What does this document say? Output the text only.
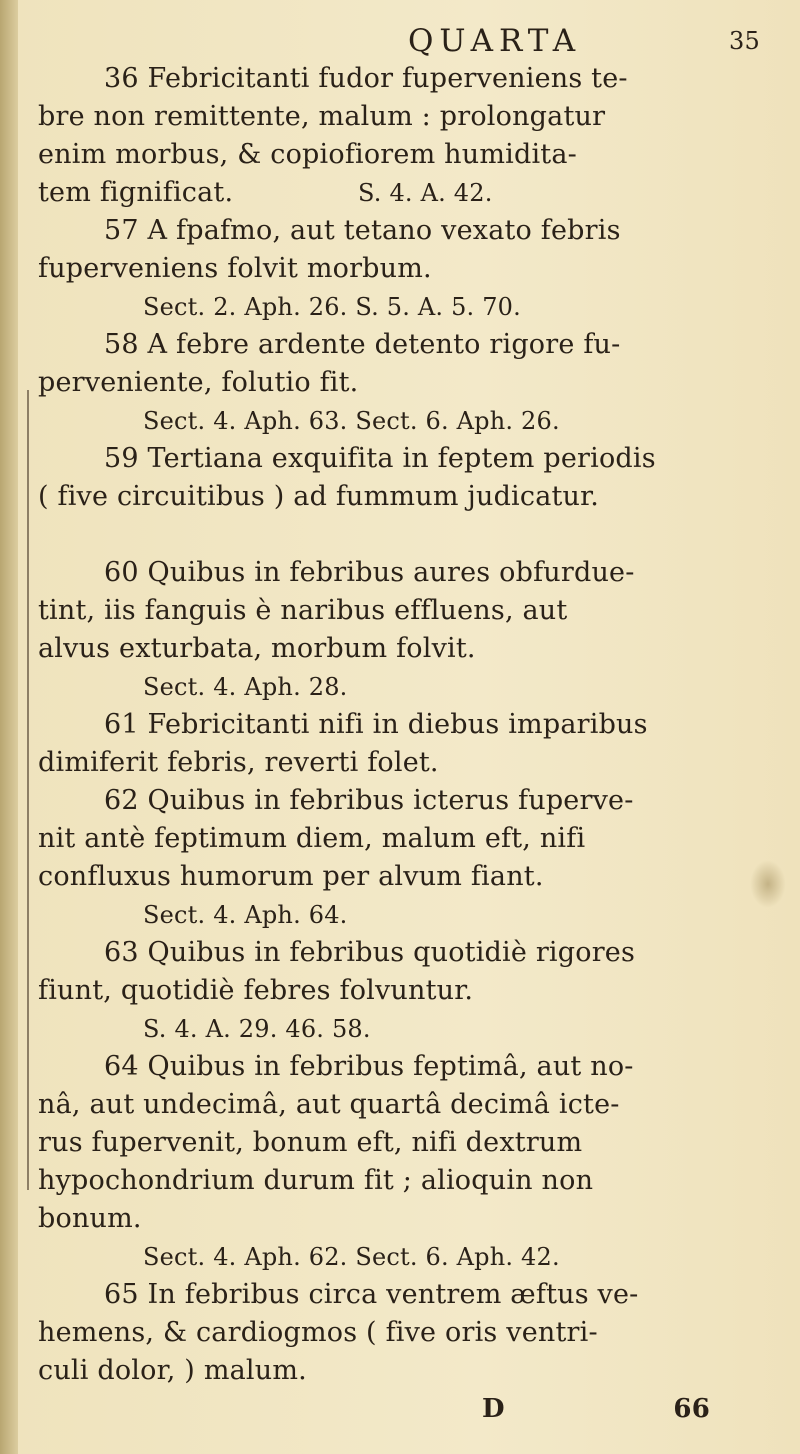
QUARTA	35
36 Febricitanti fudor fuperveniens te-
bre non remittente, malum : prolongatur
enim morbus, & copiofiorem humidita-
tem fignificat.	S. 4. A. 42.
57 A fpafmo, aut tetano vexato febris
fuperveniens folvit morbum.
Sect. 2. Aph. 26. S. 5. A. 5. 70.
58 A febre ardente detento rigore fu-
perveniente, folutio fit.
Sect. 4. Aph. 63. Sect. 6. Aph. 26.
59 Tertiana exquifita in feptem periodis
( five circuitibus ) ad fummum judicatur.
60 Quibus in febribus aures obfurdue-
tint, iis fanguis è naribus effluens, aut
alvus exturbata, morbum folvit.
Sect. 4. Aph. 28.
61 Febricitanti nifi in diebus imparibus
dimiferit febris, reverti folet.
62 Quibus in febribus icterus fuperve-
nit antè feptimum diem, malum eft, nifi
confluxus humorum per alvum fiant.
Sect. 4. Aph. 64.
63 Quibus in febribus quotidiè rigores
fiunt, quotidiè febres folvuntur.
S. 4. A. 29. 46. 58.
64 Quibus in febribus feptimâ, aut no-
nâ, aut undecimâ, aut quartâ decimâ icte-
rus fupervenit, bonum eft, nifi dextrum
hypochondrium durum fit ; alioquin non
bonum.
Sect. 4. Aph. 62. Sect. 6. Aph. 42.
65 In febribus circa ventrem æftus ve-
hemens, & cardiogmos ( five oris ventri-
culi dolor, ) malum.
D	66
